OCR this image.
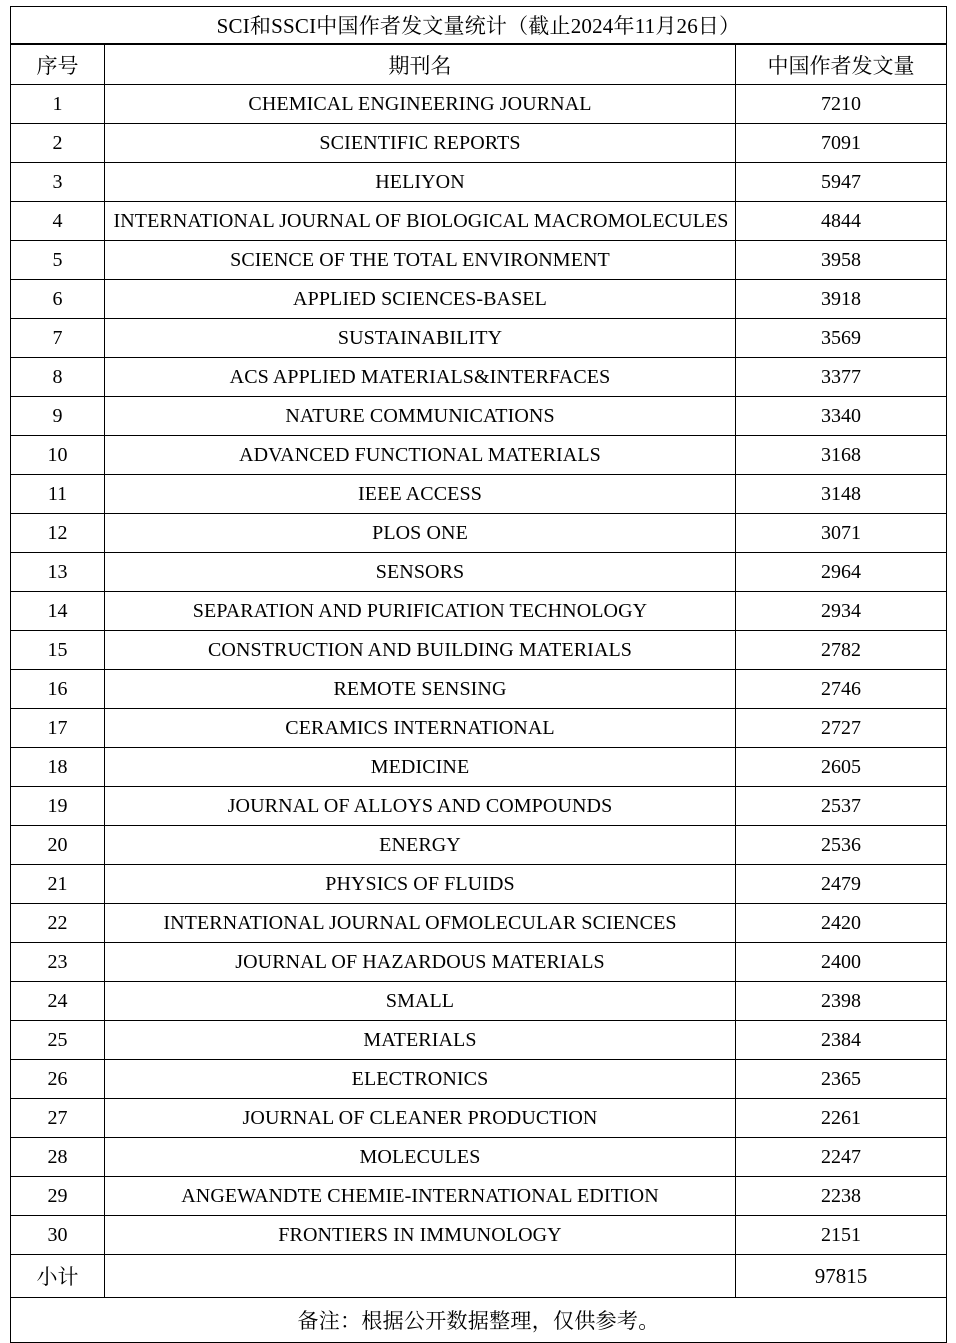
SCI和SSCI中国作者发文量统计（截止2024年11月26日）		
序号	期刊名	中国作者发文量
1	CHEMICAL ENGINEERING JOURNAL	7210
2	SCIENTIFIC REPORTS	7091
3	HELIYON	5947
4	INTERNATIONAL JOURNAL OF BIOLOGICAL MACROMOLECULES	4844
5	SCIENCE OF THE TOTAL ENVIRONMENT	3958
6	APPLIED SCIENCES-BASEL	3918
7	SUSTAINABILITY	3569
8	ACS APPLIED MATERIALS&INTERFACES	3377
9	NATURE COMMUNICATIONS	3340
10	ADVANCED FUNCTIONAL MATERIALS	3168
11	IEEE ACCESS	3148
12	PLOS ONE	3071
13	SENSORS	2964
14	SEPARATION AND PURIFICATION TECHNOLOGY	2934
15	CONSTRUCTION AND BUILDING MATERIALS	2782
16	REMOTE SENSING	2746
17	CERAMICS INTERNATIONAL	2727
18	MEDICINE	2605
19	JOURNAL OF ALLOYS AND COMPOUNDS	2537
20	ENERGY	2536
21	PHYSICS OF FLUIDS	2479
22	INTERNATIONAL JOURNAL OFMOLECULAR SCIENCES	2420
23	JOURNAL OF HAZARDOUS MATERIALS	2400
24	SMALL	2398
25	MATERIALS	2384
26	ELECTRONICS	2365
27	JOURNAL OF CLEANER PRODUCTION	2261
28	MOLECULES	2247
29	ANGEWANDTE CHEMIE-INTERNATIONAL EDITION	2238
30	FRONTIERS IN IMMUNOLOGY	2151
小计		97815
备注：根据公开数据整理，仅供参考。		
